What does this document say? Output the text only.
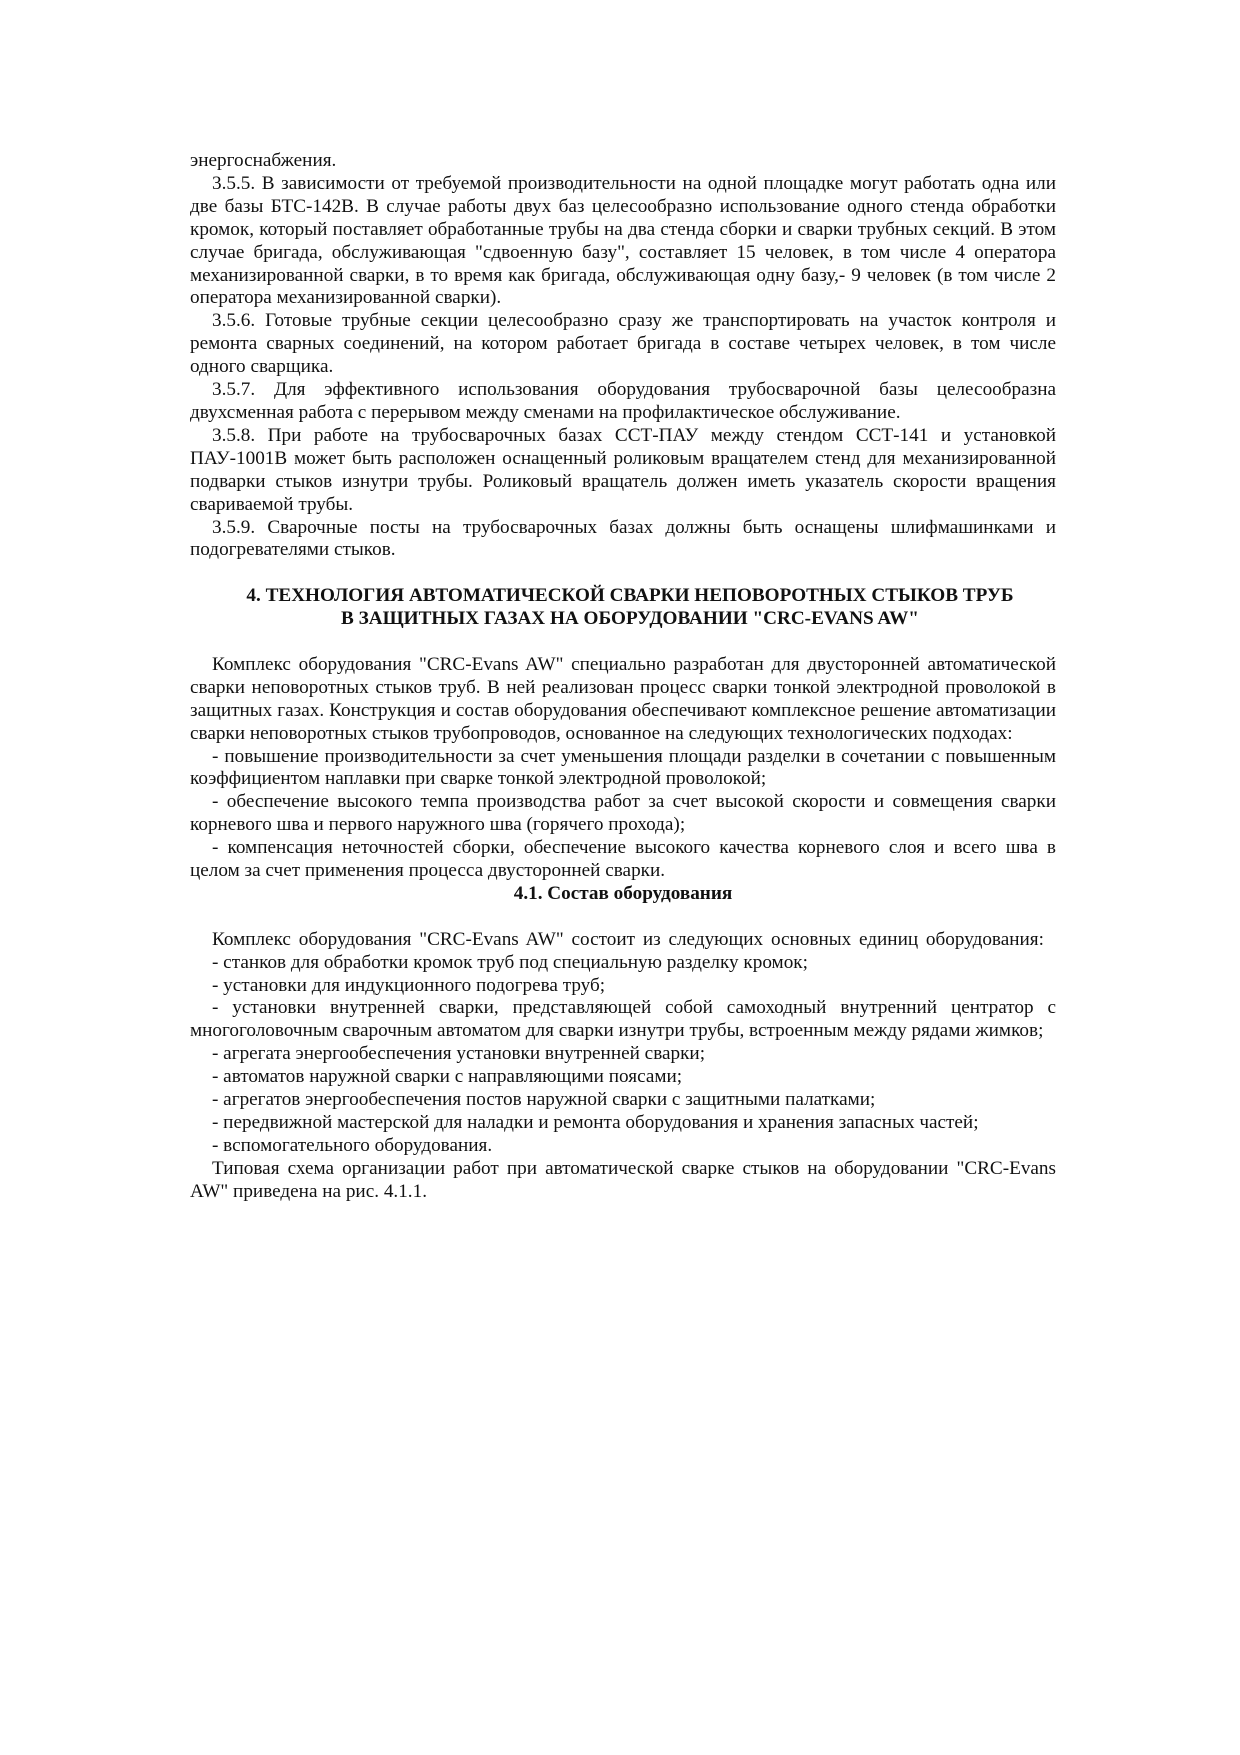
энергоснабжения.

3.5.5. В зависимости от требуемой производительности на одной площадке могут работать одна или две базы БТС-142В. В случае работы двух баз целесообразно использование одного стенда обработки кромок, который поставляет обработанные трубы на два стенда сборки и сварки трубных секций. В этом случае бригада, обслуживающая "сдвоенную базу", составляет 15 человек, в том числе 4 оператора механизированной сварки, в то время как бригада, обслуживающая одну базу,- 9 человек (в том числе 2 оператора механизированной сварки).

3.5.6. Готовые трубные секции целесообразно сразу же транспортировать на участок контроля и ремонта сварных соединений, на котором работает бригада в составе четырех человек, в том числе одного сварщика.

3.5.7. Для эффективного использования оборудования трубосварочной базы целесообразна двухсменная работа с перерывом между сменами на профилактическое обслуживание.

3.5.8. При работе на трубосварочных базах ССТ-ПАУ между стендом ССТ-141 и установкой ПАУ-1001В может быть расположен оснащенный роликовым вращателем стенд для механизированной подварки стыков изнутри трубы. Роликовый вращатель должен иметь указатель скорости вращения свариваемой трубы.

3.5.9. Сварочные посты на трубосварочных базах должны быть оснащены шлифмашинками и подогревателями стыков.

4. ТЕХНОЛОГИЯ АВТОМАТИЧЕСКОЙ СВАРКИ НЕПОВОРОТНЫХ СТЫКОВ ТРУБ
В ЗАЩИТНЫХ ГАЗАХ НА ОБОРУДОВАНИИ "CRC-EVANS AW"

Комплекс оборудования "CRC-Evans AW" специально разработан для двусторонней автоматической сварки неповоротных стыков труб. В ней реализован процесс сварки тонкой электродной проволокой в защитных газах. Конструкция и состав оборудования обеспечивают комплексное решение автоматизации сварки неповоротных стыков трубопроводов, основанное на следующих технологических подходах:

- повышение производительности за счет уменьшения площади разделки в сочетании с повышенным коэффициентом наплавки при сварке тонкой электродной проволокой;

- обеспечение высокого темпа производства работ за счет высокой скорости и совмещения сварки корневого шва и первого наружного шва (горячего прохода);

- компенсация неточностей сборки, обеспечение высокого качества корневого слоя и всего шва в целом за счет применения процесса двусторонней сварки.

4.1. Состав оборудования

Комплекс оборудования "CRC-Evans AW" состоит из следующих основных единиц оборудования:

- станков для обработки кромок труб под специальную разделку кромок;

- установки для индукционного подогрева труб;

- установки внутренней сварки, представляющей собой самоходный внутренний центратор с многоголовочным сварочным автоматом для сварки изнутри трубы, встроенным между рядами жимков;

- агрегата энергообеспечения установки внутренней сварки;

- автоматов наружной сварки с направляющими поясами;

- агрегатов энергообеспечения постов наружной сварки с защитными палатками;

- передвижной мастерской для наладки и ремонта оборудования и хранения запасных частей;

- вспомогательного оборудования.

Типовая схема организации работ при автоматической сварке стыков на оборудовании "CRC-Evans AW" приведена на рис. 4.1.1.
